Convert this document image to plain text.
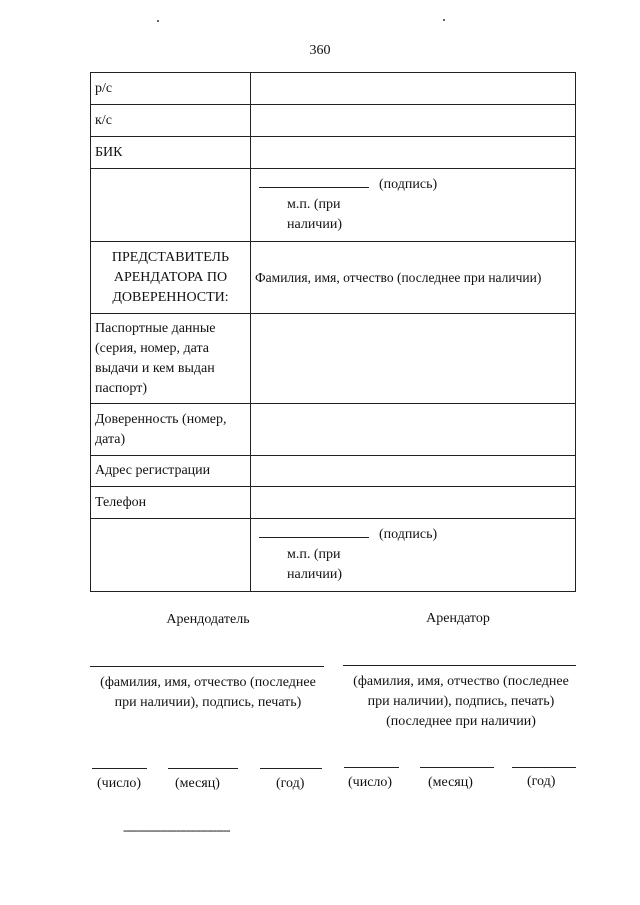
360
р/с	
к/с	
БИК	

	(подпись)
м.п. (при наличии)

ПРЕДСТАВИТЕЛЬ АРЕНДАТОРА ПО ДОВЕРЕННОСТИ:	Фамилия, имя, отчество (последнее при наличии)
Паспортные данные (серия, номер, дата выдачи и кем выдан паспорт)	
Доверенность (номер, дата)	
Адрес регистрации	
Телефон	

	(подпись)
м.п. (при наличии)
Арендодатель	Арендатор
(фамилия, имя, отчество (последнее при наличии), подпись, печать)
(фамилия, имя, отчество (последнее при наличии), подпись, печать) (последнее при наличии)
(число) (месяц)	(год)	(число)	(месяц)	(год)
--------------------------------
